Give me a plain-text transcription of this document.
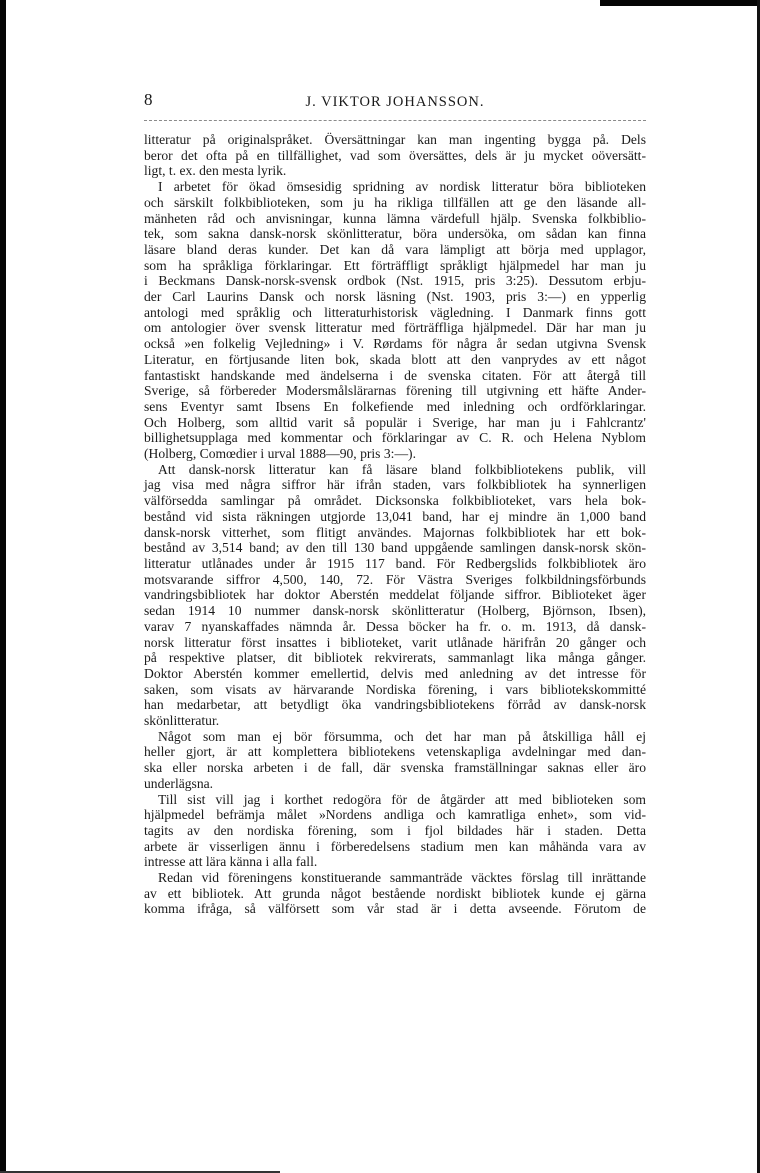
8	J. VIKTOR JOHANSSON.

litteratur på originalspråket. Översättningar kan man ingenting bygga på. Dels
beror det ofta på en tillfällighet, vad som översättes, dels är ju mycket oöversätt-
ligt, t. ex. den mesta lyrik.

I arbetet för ökad ömsesidig spridning av nordisk litteratur böra biblioteken
och särskilt folkbiblioteken, som ju ha rikliga tillfällen att ge den läsande all-
mänheten råd och anvisningar, kunna lämna värdefull hjälp. Svenska folkbiblio-
tek, som sakna dansk-norsk skönlitteratur, böra undersöka, om sådan kan finna
läsare bland deras kunder. Det kan då vara lämpligt att börja med upplagor,
som ha språkliga förklaringar. Ett förträffligt språkligt hjälpmedel har man ju
i Beckmans Dansk-norsk-svensk ordbok (Nst. 1915, pris 3:25). Dessutom erbju-
der Carl Laurins Dansk och norsk läsning (Nst. 1903, pris 3:—) en ypperlig
antologi med språklig och litteraturhistorisk vägledning. I Danmark finns gott
om antologier över svensk litteratur med förträffliga hjälpmedel. Där har man ju
också »en folkelig Vejledning» i V. Rørdams för några år sedan utgivna Svensk
Literatur, en förtjusande liten bok, skada blott att den vanprydes av ett något
fantastiskt handskande med ändelserna i de svenska citaten. För att återgå till
Sverige, så förbereder Modersmålslärarnas förening till utgivning ett häfte Ander-
sens Eventyr samt Ibsens En folkefiende med inledning och ordförklaringar.
Och Holberg, som alltid varit så populär i Sverige, har man ju i Fahlcrantz'
billighetsupplaga med kommentar och förklaringar av C. R. och Helena Nyblom
(Holberg, Comœdier i urval 1888—90, pris 3:—).

Att dansk-norsk litteratur kan få läsare bland folkbibliotekens publik, vill
jag visa med några siffror här ifrån staden, vars folkbibliotek ha synnerligen
välförsedda samlingar på området. Dicksonska folkbiblioteket, vars hela bok-
bestånd vid sista räkningen utgjorde 13,041 band, har ej mindre än 1,000 band
dansk-norsk vitterhet, som flitigt användes. Majornas folkbibliotek har ett bok-
bestånd av 3,514 band; av den till 130 band uppgående samlingen dansk-norsk skön-
litteratur utlånades under år 1915 117 band. För Redbergslids folkbibliotek äro
motsvarande siffror 4,500, 140, 72. För Västra Sveriges folkbildningsförbunds
vandringsbibliotek har doktor Aberstén meddelat följande siffror. Biblioteket äger
sedan 1914 10 nummer dansk-norsk skönlitteratur (Holberg, Björnson, Ibsen),
varav 7 nyanskaffades nämnda år. Dessa böcker ha fr. o. m. 1913, då dansk-
norsk litteratur först insattes i biblioteket, varit utlånade härifrån 20 gånger och
på respektive platser, dit bibliotek rekvirerats, sammanlagt lika många gånger.
Doktor Aberstén kommer emellertid, delvis med anledning av det intresse för
saken, som visats av härvarande Nordiska förening, i vars bibliotekskommitté
han medarbetar, att betydligt öka vandringsbibliotekens förråd av dansk-norsk
skönlitteratur.

Något som man ej bör försumma, och det har man på åtskilliga håll ej
heller gjort, är att komplettera bibliotekens vetenskapliga avdelningar med dan-
ska eller norska arbeten i de fall, där svenska framställningar saknas eller äro
underlägsna.

Till sist vill jag i korthet redogöra för de åtgärder att med biblioteken som
hjälpmedel befrämja målet »Nordens andliga och kamratliga enhet», som vid-
tagits av den nordiska förening, som i fjol bildades här i staden. Detta
arbete är visserligen ännu i förberedelsens stadium men kan måhända vara av
intresse att lära känna i alla fall.

Redan vid föreningens konstituerande sammanträde väcktes förslag till inrättande
av ett bibliotek. Att grunda något bestående nordiskt bibliotek kunde ej gärna
komma ifråga, så välförsett som vår stad är i detta avseende. Förutom de
